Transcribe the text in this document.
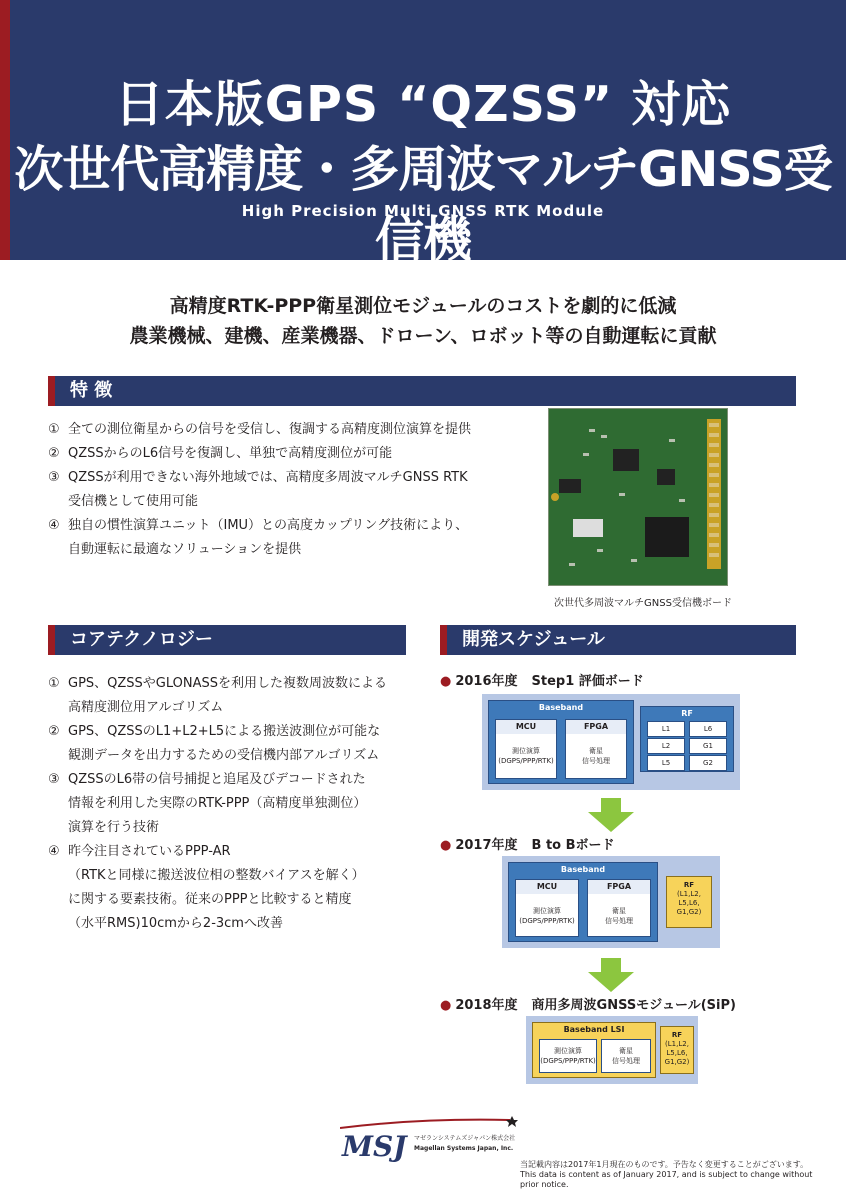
日本版GPS “QZSS” 対応
次世代高精度・多周波マルチGNSS受信機
High Precision Multi GNSS RTK Module
高精度RTK-PPP衛星測位モジュールのコストを劇的に低減
農業機械、建機、産業機器、ドローン、ロボット等の自動運転に貢献
特 徴
① 全ての測位衛星からの信号を受信し、復調する高精度測位演算を提供
② QZSSからのL6信号を復調し、単独で高精度測位が可能
③ QZSSが利用できない海外地域では、高精度多周波マルチGNSS RTK
受信機として使用可能
④ 独自の慣性演算ユニット（IMU）との高度カップリング技術により、
自動運転に最適なソリューションを提供
次世代多周波マルチGNSS受信機ボード
コアテクノロジー
① GPS、QZSSやGLONASSを利用した複数周波数による
高精度測位用アルゴリズム
② GPS、QZSSのL1+L2+L5による搬送波測位が可能な
観測データを出力するための受信機内部アルゴリズム
③ QZSSのL6帯の信号捕捉と追尾及びデコードされた
情報を利用した実際のRTK-PPP（高精度単独測位）
演算を行う技術
④ 昨今注目されているPPP-AR
（RTKと同様に搬送波位相の整数バイアスを解く）
に関する要素技術。従来のPPPと比較すると精度
（水平RMS)10cmから2-3cmへ改善
開発スケジュール
● 2016年度 Step1 評価ボード
Baseband
MCU
測位演算
(DGPS/PPP/RTK)
FPGA
衛星
信号処理
RF
L1	L6
L2	G1
L5	G2
● 2017年度 B to Bボード
Baseband
MCU
測位演算
(DGPS/PPP/RTK)
FPGA
衛星
信号処理
RF
(L1,L2,
L5,L6,
G1,G2)
● 2018年度 商用多周波GNSSモジュール(SiP)
Baseband LSI
測位演算
(DGPS/PPP/RTK)
衛星
信号処理
RF
(L1,L2,
L5,L6,
G1,G2)
MSJ マゼランシステムズジャパン株式会社
Magellan Systems Japan, Inc.
当記載内容は2017年1月現在のものです。予告なく変更することがございます。
This data is content as of January 2017, and is subject to change without prior notice.
